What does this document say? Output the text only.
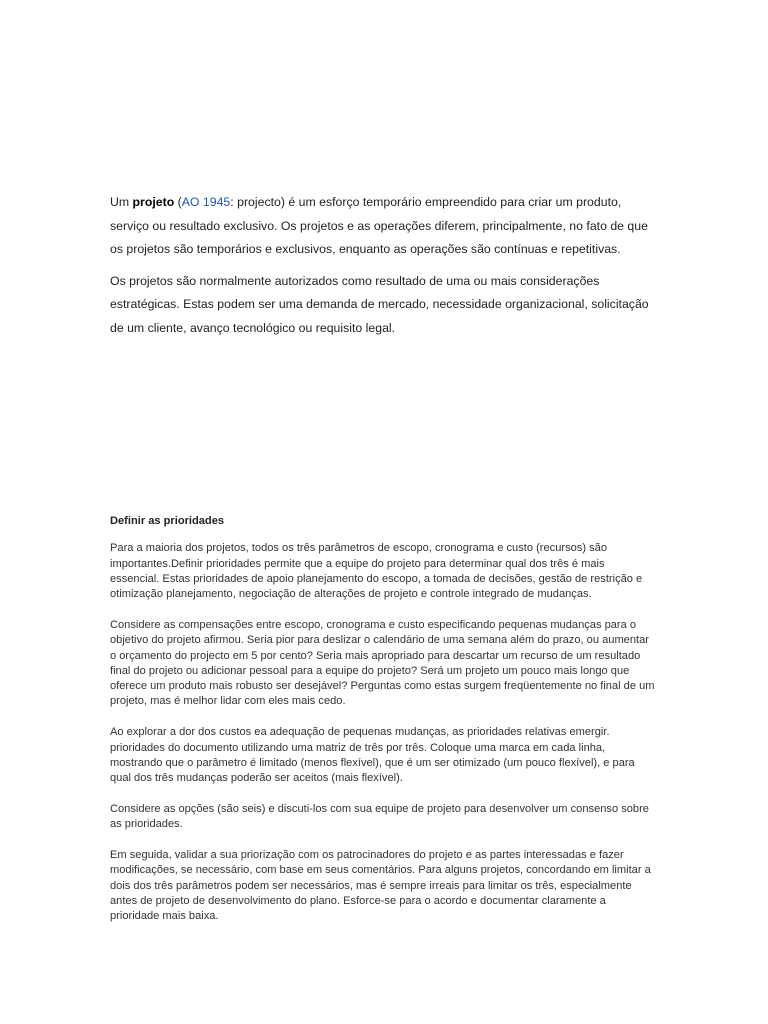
Um projeto (AO 1945: projecto) é um esforço temporário empreendido para criar um produto, serviço ou resultado exclusivo. Os projetos e as operações diferem, principalmente, no fato de que os projetos são temporários e exclusivos, enquanto as operações são contínuas e repetitivas.

Os projetos são normalmente autorizados como resultado de uma ou mais considerações estratégicas. Estas podem ser uma demanda de mercado, necessidade organizacional, solicitação de um cliente, avanço tecnológico ou requisito legal.

Definir as prioridades

Para a maioria dos projetos, todos os três parâmetros de escopo, cronograma e custo (recursos) são importantes.Definir prioridades permite que a equipe do projeto para determinar qual dos três é mais essencial. Estas prioridades de apoio planejamento do escopo, a tomada de decisões, gestão de restrição e otimização planejamento, negociação de alterações de projeto e controle integrado de mudanças.

Considere as compensações entre escopo, cronograma e custo especificando pequenas mudanças para o objetivo do projeto afirmou. Seria pior para deslizar o calendário de uma semana além do prazo, ou aumentar o orçamento do projecto em 5 por cento? Seria mais apropriado para descartar um recurso de um resultado final do projeto ou adicionar pessoal para a equipe do projeto? Será um projeto um pouco mais longo que oferece um produto mais robusto ser desejável? Perguntas como estas surgem freqüentemente no final de um projeto, mas é melhor lidar com eles mais cedo.

Ao explorar a dor dos custos ea adequação de pequenas mudanças, as prioridades relativas emergir. prioridades do documento utilizando uma matriz de três por três. Coloque uma marca em cada linha, mostrando que o parâmetro é limitado (menos flexível), que é um ser otimizado (um pouco flexível), e para qual dos três mudanças poderão ser aceitos (mais flexível).

Considere as opções (são seis) e discuti-los com sua equipe de projeto para desenvolver um consenso sobre as prioridades.

Em seguida, validar a sua priorização com os patrocinadores do projeto e as partes interessadas e fazer modificações, se necessário, com base em seus comentários. Para alguns projetos, concordando em limitar a dois dos três parâmetros podem ser necessários, mas é sempre irreais para limitar os três, especialmente antes de projeto de desenvolvimento do plano. Esforce-se para o acordo e documentar claramente a prioridade mais baixa.
